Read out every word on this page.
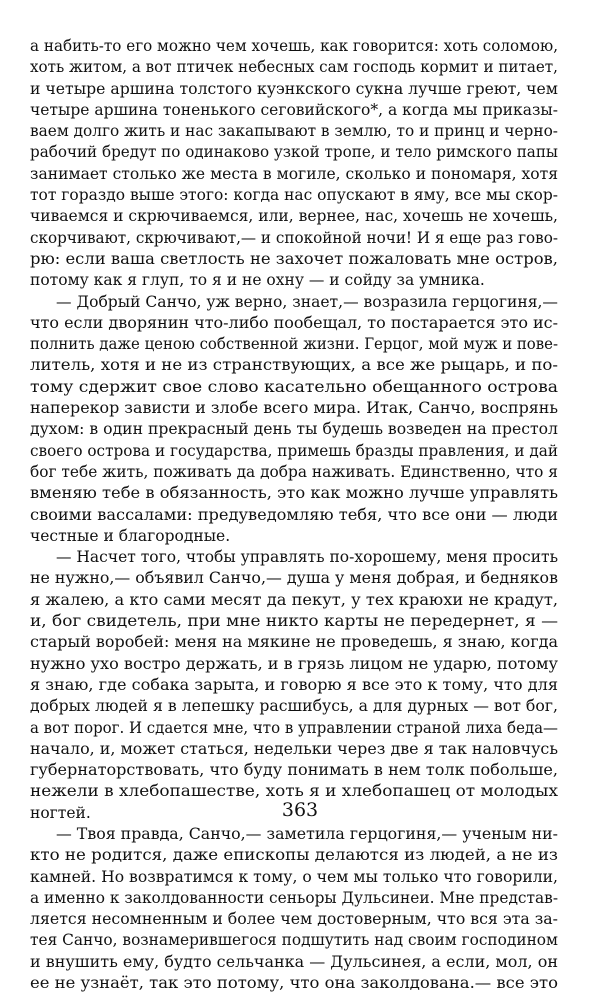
а набить-то его можно чем хочешь, как говорится: хоть соломою,
хоть житом, а вот птичек небесных сам господь кормит и питает,
и четыре аршина толстого куэнкского сукна лучше греют, чем
четыре аршина тоненького сеговийского*, а когда мы приказы-
ваем долго жить и нас закапывают в землю, то и принц и черно-
рабочий бредут по одинаково узкой тропе, и тело римского папы
занимает столько же места в могиле, сколько и пономаря, хотя
тот гораздо выше этого: когда нас опускают в яму, все мы скор-
чиваемся и скрючиваемся, или, вернее, нас, хочешь не хочешь,
скорчивают, скрючивают,— и спокойной ночи! И я еще раз гово-
рю: если ваша светлость не захочет пожаловать мне остров,
потому как я глуп, то я и не охну — и сойду за умника.
— Добрый Санчо, уж верно, знает,— возразила герцогиня,—
что если дворянин что-либо пообещал, то постарается это ис-
полнить даже ценою собственной жизни. Герцог, мой муж и пове-
литель, хотя и не из странствующих, а все же рыцарь, и по-
тому сдержит свое слово касательно обещанного острова
наперекор зависти и злобе всего мира. Итак, Санчо, воспрянь
духом: в один прекрасный день ты будешь возведен на престол
своего острова и государства, примешь бразды правления, и дай
бог тебе жить, поживать да добра наживать. Единственно, что я
вменяю тебе в обязанность, это как можно лучше управлять
своими вассалами: предуведомляю тебя, что все они — люди
честные и благородные.
— Насчет того, чтобы управлять по-хорошему, меня просить
не нужно,— объявил Санчо,— душа у меня добрая, и бедняков
я жалею, а кто сами месят да пекут, у тех краюхи не крадут,
и, бог свидетель, при мне никто карты не передернет, я —
старый воробей: меня на мякине не проведешь, я знаю, когда
нужно ухо востро держать, и в грязь лицом не ударю, потому
я знаю, где собака зарыта, и говорю я все это к тому, что для
добрых людей я в лепешку расшибусь, а для дурных — вот бог,
а вот порог. И сдается мне, что в управлении страной лиха беда—
начало, и, может статься, недельки через две я так наловчусь
губернаторствовать, что буду понимать в нем толк побольше,
нежели в хлебопашестве, хоть я и хлебопашец от молодых
ногтей.
— Твоя правда, Санчо,— заметила герцогиня,— ученым ни-
кто не родится, даже епископы делаются из людей, а не из
камней. Но возвратимся к тому, о чем мы только что говорили,
а именно к заколдованности сеньоры Дульсинеи. Мне представ-
ляется несомненным и более чем достоверным, что вся эта за-
тея Санчо, вознамерившегося подшутить над своим господином
и внушить ему, будто сельчанка — Дульсинея, а если, мол, он
ее не узнаёт, так это потому, что она заколдована.— все это
363
